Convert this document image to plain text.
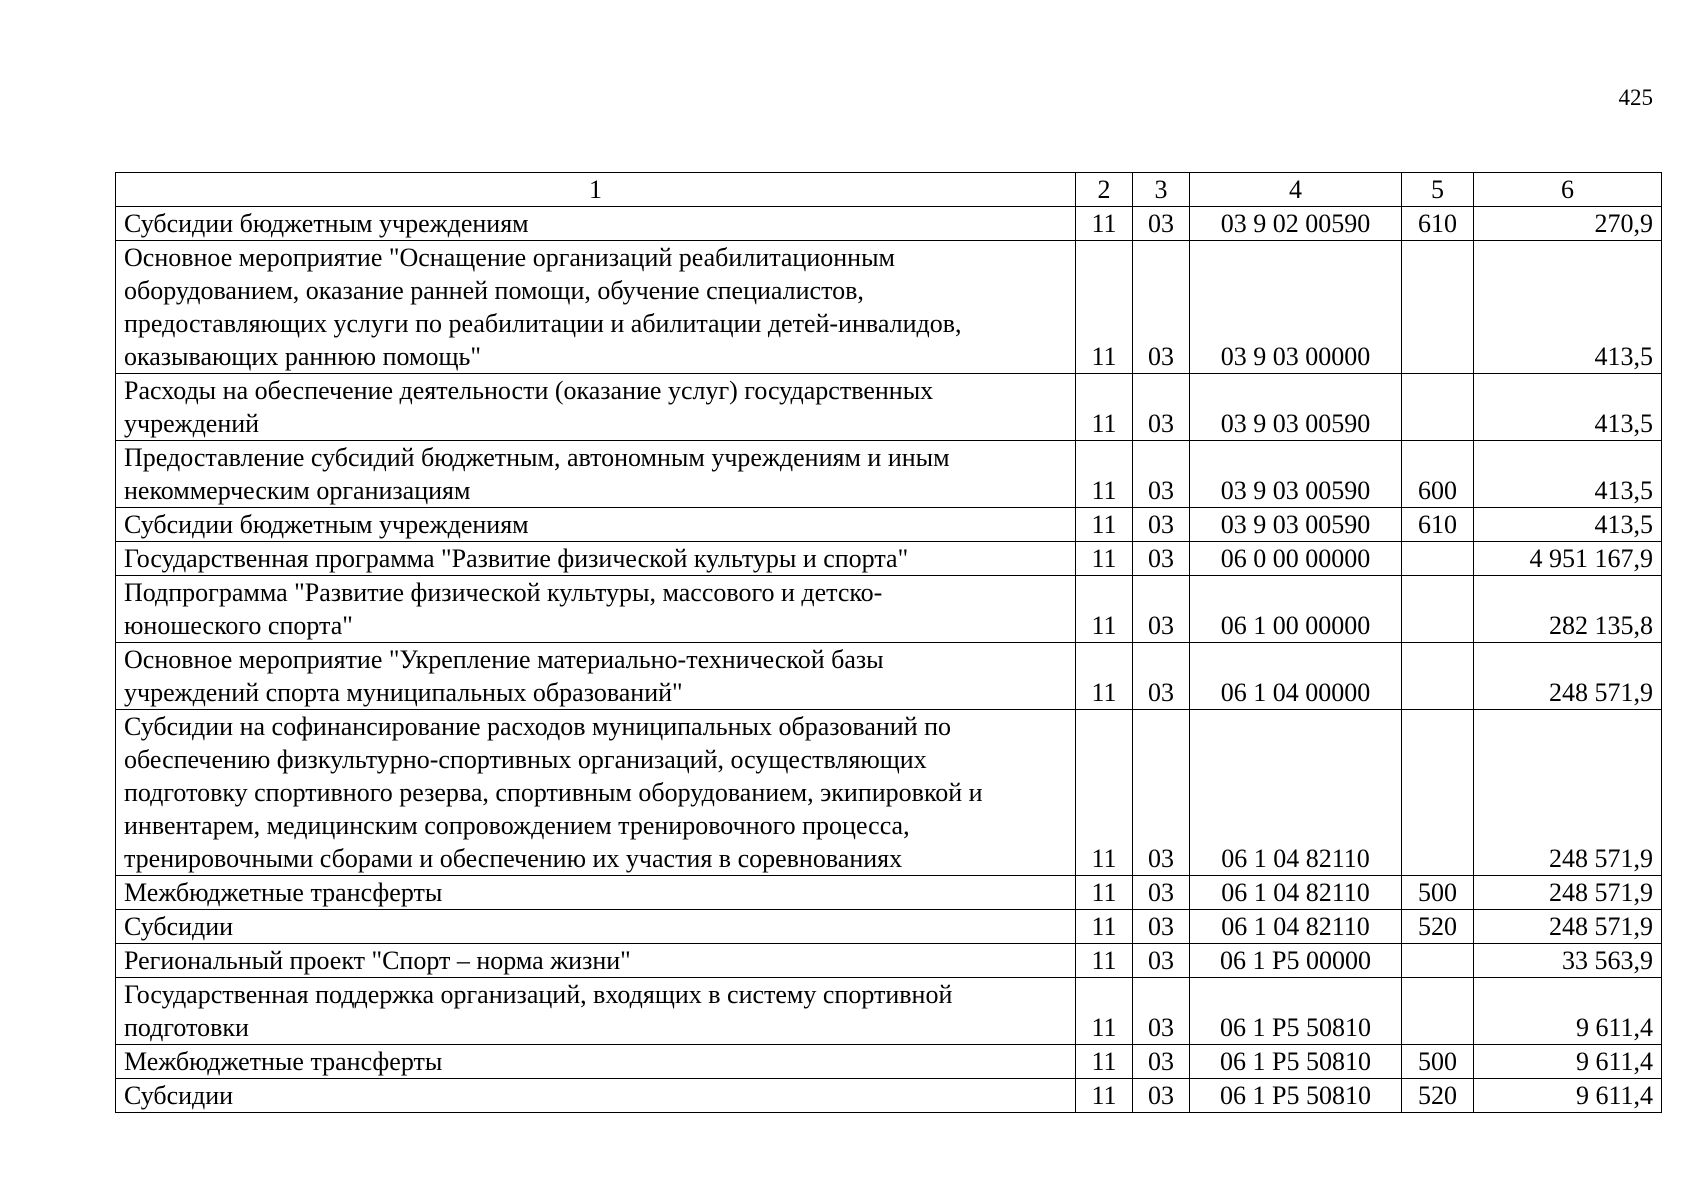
425
1	2	3	4	5	6

Субсидии бюджетным учреждениям	11	03	03 9 02 00590	610	270,9

Основное мероприятие "Оснащение организаций реабилитационным
оборудованием, оказание ранней помощи, обучение специалистов,
предоставляющих услуги по реабилитации и абилитации детей-инвалидов,
оказывающих раннюю помощь"	11	03	03 9 03 00000		413,5

Расходы на обеспечение деятельности (оказание услуг) государственных
учреждений	11	03	03 9 03 00590		413,5

Предоставление субсидий бюджетным, автономным учреждениям и иным
некоммерческим организациям	11	03	03 9 03 00590	600	413,5

Субсидии бюджетным учреждениям	11	03	03 9 03 00590	610	413,5

Государственная программа "Развитие физической культуры и спорта"	11	03	06 0 00 00000		4 951 167,9

Подпрограмма "Развитие физической культуры, массового и детско-
юношеского спорта"	11	03	06 1 00 00000		282 135,8

Основное мероприятие "Укрепление материально-технической базы
учреждений спорта муниципальных образований"	11	03	06 1 04 00000		248 571,9

Субсидии на софинансирование расходов муниципальных образований по
обеспечению физкультурно-спортивных организаций, осуществляющих
подготовку спортивного резерва, спортивным оборудованием, экипировкой и
инвентарем, медицинским сопровождением тренировочного процесса,
тренировочными сборами и обеспечению их участия в соревнованиях	11	03	06 1 04 82110		248 571,9

Межбюджетные трансферты	11	03	06 1 04 82110	500	248 571,9

Субсидии	11	03	06 1 04 82110	520	248 571,9

Региональный проект "Спорт – норма жизни"	11	03	06 1 P5 00000		33 563,9

Государственная поддержка организаций, входящих в систему спортивной
подготовки	11	03	06 1 P5 50810		9 611,4

Межбюджетные трансферты	11	03	06 1 P5 50810	500	9 611,4

Субсидии	11	03	06 1 P5 50810	520	9 611,4
